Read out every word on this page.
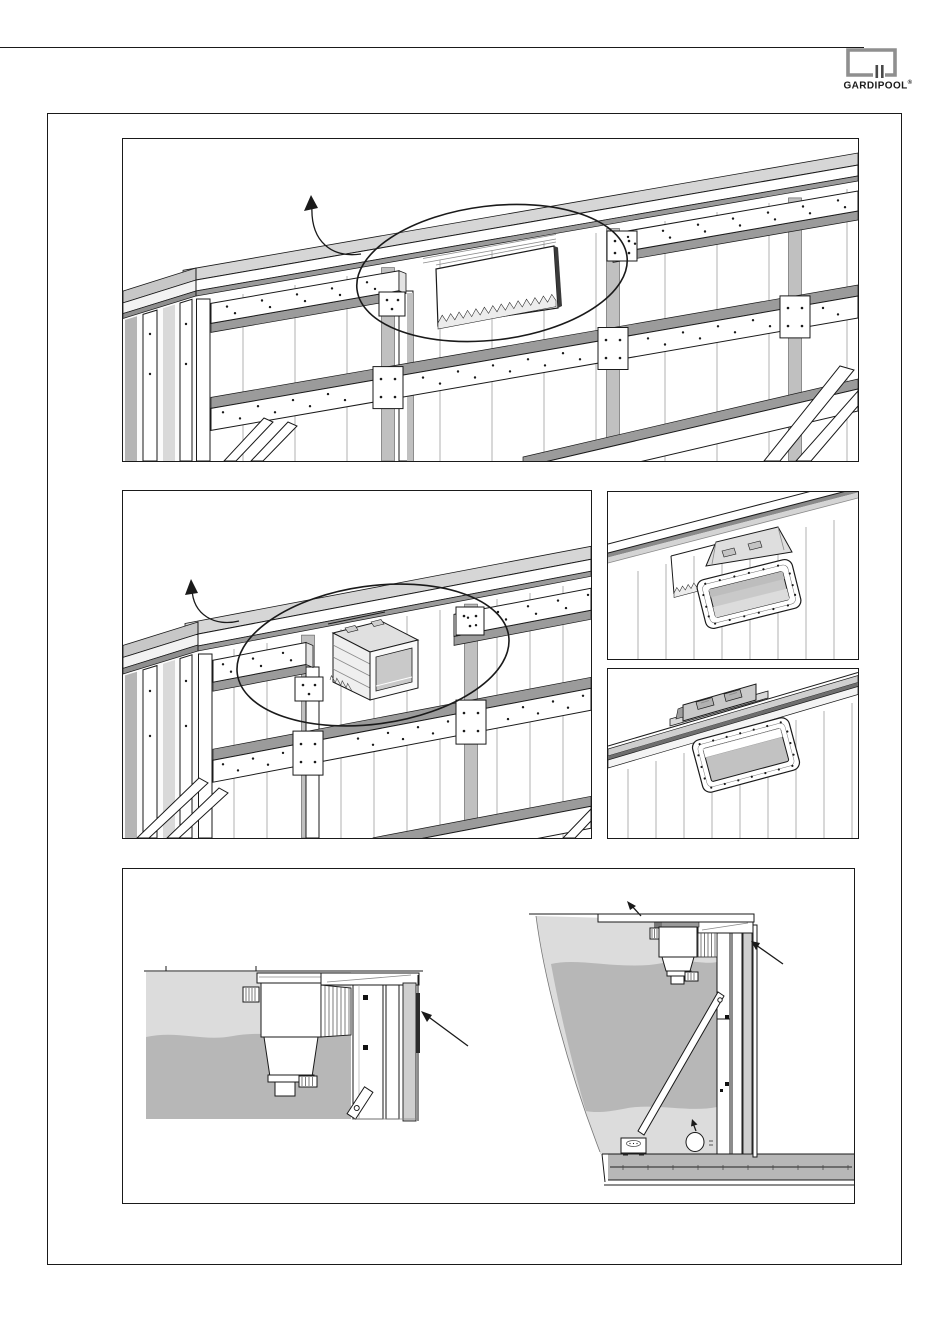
GARDIPOOL®
